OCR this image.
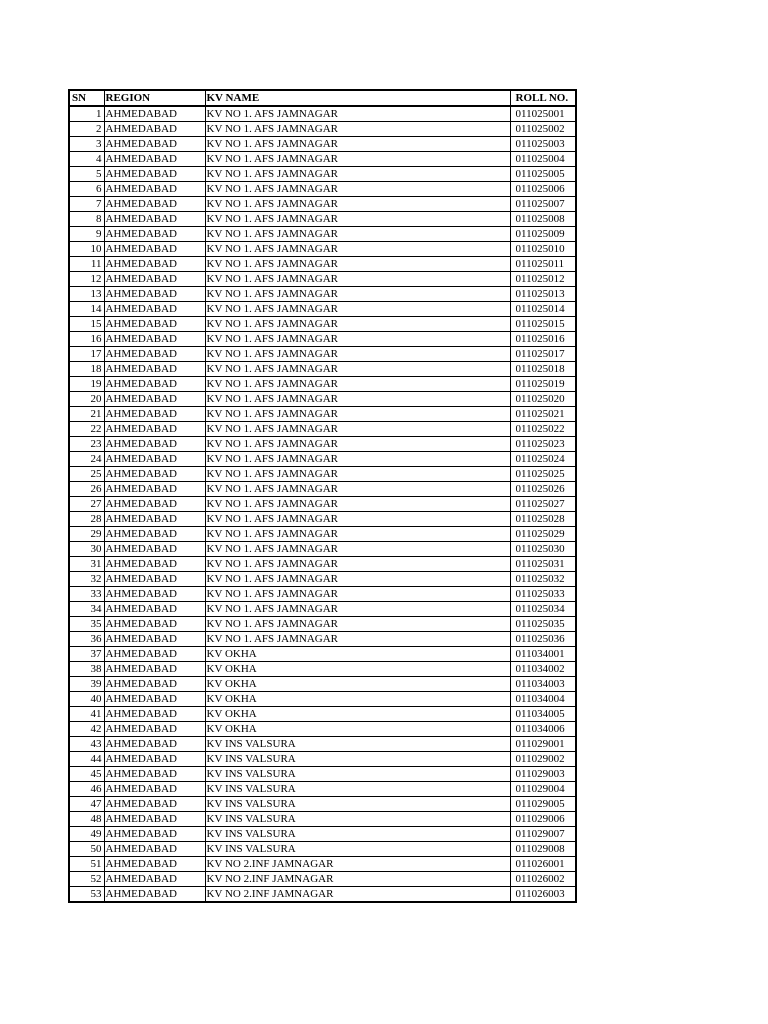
SN	REGION	KV NAME	ROLL NO.
1	AHMEDABAD	KV NO 1. AFS JAMNAGAR	011025001
2	AHMEDABAD	KV NO 1. AFS JAMNAGAR	011025002
3	AHMEDABAD	KV NO 1. AFS JAMNAGAR	011025003
4	AHMEDABAD	KV NO 1. AFS JAMNAGAR	011025004
5	AHMEDABAD	KV NO 1. AFS JAMNAGAR	011025005
6	AHMEDABAD	KV NO 1. AFS JAMNAGAR	011025006
7	AHMEDABAD	KV NO 1. AFS JAMNAGAR	011025007
8	AHMEDABAD	KV NO 1. AFS JAMNAGAR	011025008
9	AHMEDABAD	KV NO 1. AFS JAMNAGAR	011025009
10	AHMEDABAD	KV NO 1. AFS JAMNAGAR	011025010
11	AHMEDABAD	KV NO 1. AFS JAMNAGAR	011025011
12	AHMEDABAD	KV NO 1. AFS JAMNAGAR	011025012
13	AHMEDABAD	KV NO 1. AFS JAMNAGAR	011025013
14	AHMEDABAD	KV NO 1. AFS JAMNAGAR	011025014
15	AHMEDABAD	KV NO 1. AFS JAMNAGAR	011025015
16	AHMEDABAD	KV NO 1. AFS JAMNAGAR	011025016
17	AHMEDABAD	KV NO 1. AFS JAMNAGAR	011025017
18	AHMEDABAD	KV NO 1. AFS JAMNAGAR	011025018
19	AHMEDABAD	KV NO 1. AFS JAMNAGAR	011025019
20	AHMEDABAD	KV NO 1. AFS JAMNAGAR	011025020
21	AHMEDABAD	KV NO 1. AFS JAMNAGAR	011025021
22	AHMEDABAD	KV NO 1. AFS JAMNAGAR	011025022
23	AHMEDABAD	KV NO 1. AFS JAMNAGAR	011025023
24	AHMEDABAD	KV NO 1. AFS JAMNAGAR	011025024
25	AHMEDABAD	KV NO 1. AFS JAMNAGAR	011025025
26	AHMEDABAD	KV NO 1. AFS JAMNAGAR	011025026
27	AHMEDABAD	KV NO 1. AFS JAMNAGAR	011025027
28	AHMEDABAD	KV NO 1. AFS JAMNAGAR	011025028
29	AHMEDABAD	KV NO 1. AFS JAMNAGAR	011025029
30	AHMEDABAD	KV NO 1. AFS JAMNAGAR	011025030
31	AHMEDABAD	KV NO 1. AFS JAMNAGAR	011025031
32	AHMEDABAD	KV NO 1. AFS JAMNAGAR	011025032
33	AHMEDABAD	KV NO 1. AFS JAMNAGAR	011025033
34	AHMEDABAD	KV NO 1. AFS JAMNAGAR	011025034
35	AHMEDABAD	KV NO 1. AFS JAMNAGAR	011025035
36	AHMEDABAD	KV NO 1. AFS JAMNAGAR	011025036
37	AHMEDABAD	KV OKHA	011034001
38	AHMEDABAD	KV OKHA	011034002
39	AHMEDABAD	KV OKHA	011034003
40	AHMEDABAD	KV OKHA	011034004
41	AHMEDABAD	KV OKHA	011034005
42	AHMEDABAD	KV OKHA	011034006
43	AHMEDABAD	KV INS VALSURA	011029001
44	AHMEDABAD	KV INS VALSURA	011029002
45	AHMEDABAD	KV INS VALSURA	011029003
46	AHMEDABAD	KV INS VALSURA	011029004
47	AHMEDABAD	KV INS VALSURA	011029005
48	AHMEDABAD	KV INS VALSURA	011029006
49	AHMEDABAD	KV INS VALSURA	011029007
50	AHMEDABAD	KV INS VALSURA	011029008
51	AHMEDABAD	KV NO 2.INF JAMNAGAR	011026001
52	AHMEDABAD	KV NO 2.INF JAMNAGAR	011026002
53	AHMEDABAD	KV NO 2.INF JAMNAGAR	011026003
